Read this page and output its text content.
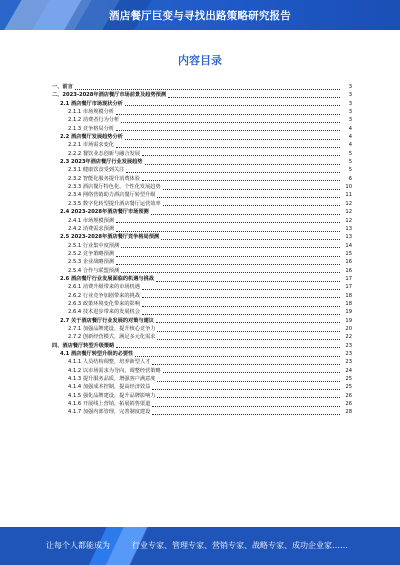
酒店餐厅巨变与寻找出路策略研究报告
内容目录
一、前言	3
二、2023-2028年酒店餐厅市场前景及趋势预测	3
2.1 酒店餐厅市场现状分析	3
2.1.1 市场规模分析	3
2.1.2 消费者行为分析	3
2.1.3 竞争格局分析	4
2.2 酒店餐厅发展趋势分析	4
2.2.1 市场需求变化	4
2.2.2 餐饮业态创新与融合发展	5
2.3 2023年酒店餐厅行业发展趋势	5
2.3.1 健康饮食受到关注	5
2.3.2 智能化服务提升消费体验	6
2.3.3 酒店餐厅特色化、个性化发展趋势	10
2.3.4 网络营销助力酒店餐厅转型升级	11
2.3.5 数字化转型提升酒店餐厅运营效率	12
2.4 2023-2028年酒店餐厅市场预测	12
2.4.1 市场规模预测	12
2.4.2 消费需求预测	13
2.5 2023-2028年酒店餐厅竞争格局预测	13
2.5.1 行业集中度预测	14
2.5.2 竞争策略预测	15
2.5.3 企业战略预测	16
2.5.4 合作与联盟预测	16
2.6 酒店餐厅行业发展面临的机遇与挑战	17
2.6.1 消费升级带来的市场机遇	17
2.6.2 行业竞争加剧带来的挑战	18
2.6.3 政策环境变化带来的影响	18
2.6.4 技术进步带来的发展机会	19
2.7 关于酒店餐厅行业发展的对策与建议	19
2.7.1 加强品牌建设，提升核心竞争力	20
2.7.2 创新经营模式，满足多元化需求	22
四、酒店餐厅转型升级策略	23
4.1 酒店餐厅转型升级的必要性	23
4.1.1 人员结构调整，培养新型人才	23
4.1.2 以市场需求为导向，调整经营策略	24
4.1.3 提升服务品质，增强客户满意度	25
4.1.4 加强成本控制，提高经济效益	25
4.1.5 强化品牌建设，提升品牌影响力	26
4.1.6 开展线上营销，拓展销售渠道	26
4.1.7 加强内部管理，完善制度建设	28
让每个人都能成为	行业专家、管理专家、营销专家、战略专家、成功企业家……
